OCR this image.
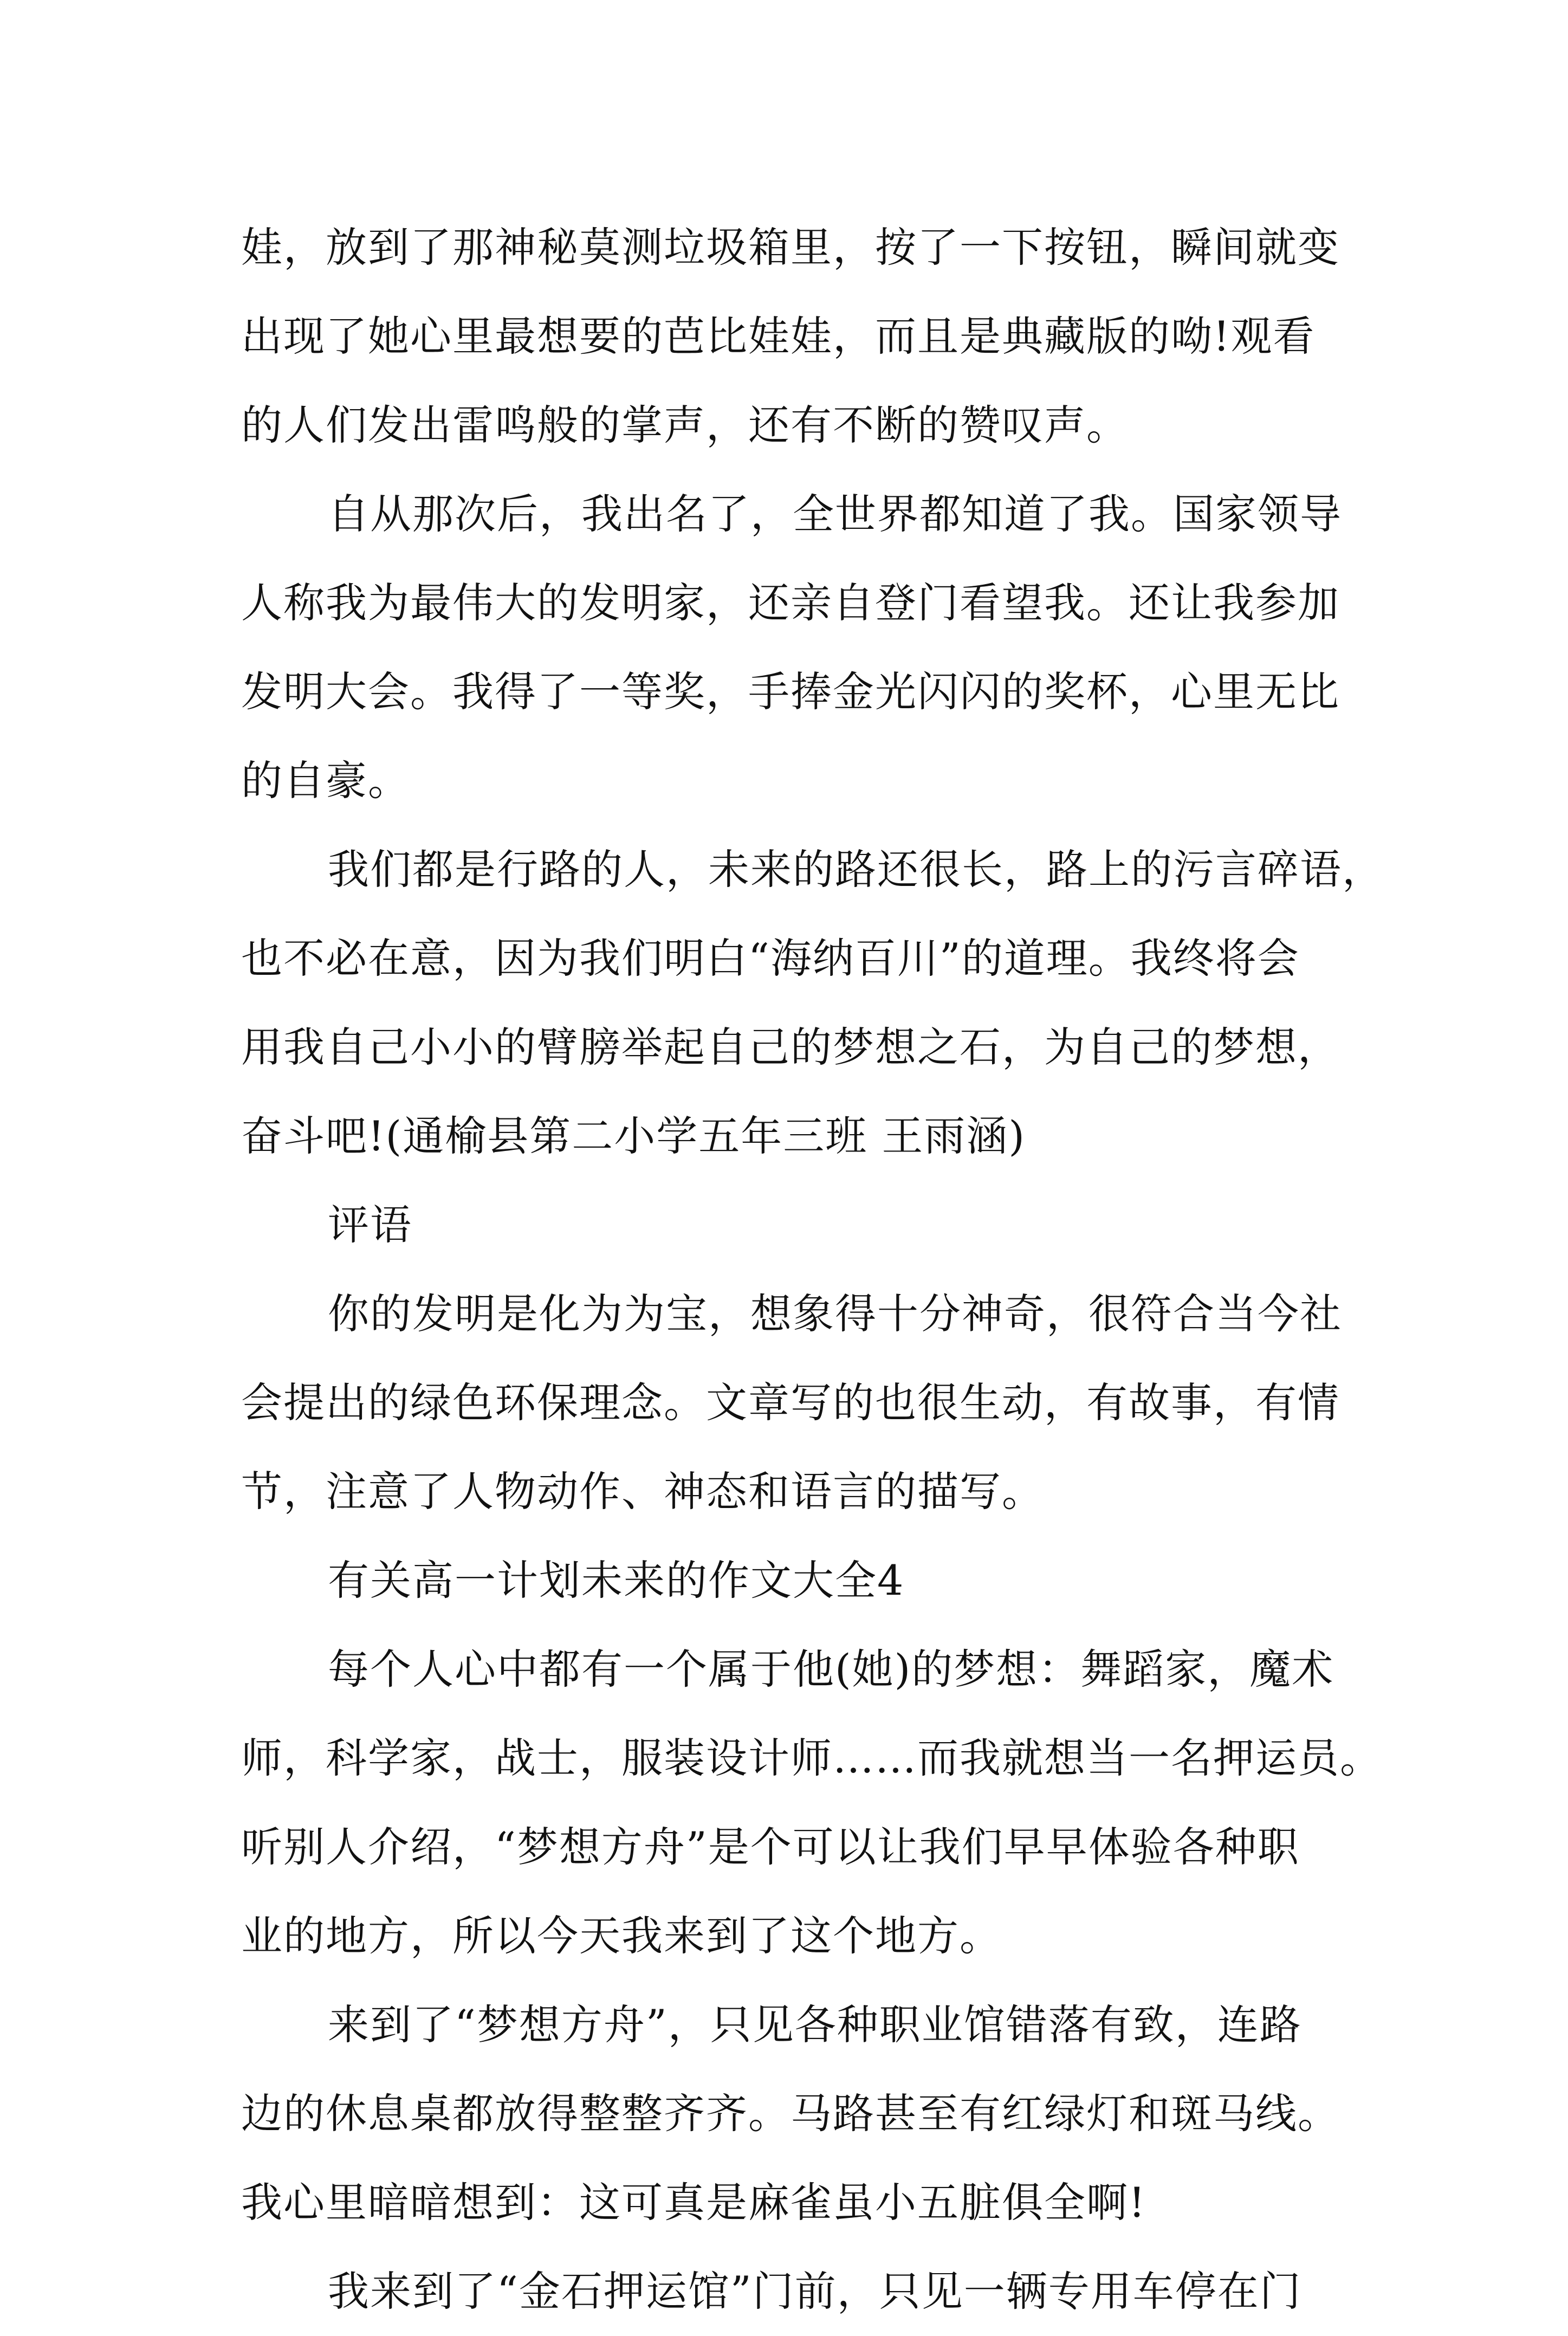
娃，放到了那神秘莫测垃圾箱里，按了一下按钮，瞬间就变
出现了她心里最想要的芭比娃娃，而且是典藏版的呦!观看
的人们发出雷鸣般的掌声，还有不断的赞叹声。
自从那次后，我出名了，全世界都知道了我。国家领导
人称我为最伟大的发明家，还亲自登门看望我。还让我参加
发明大会。我得了一等奖，手捧金光闪闪的奖杯，心里无比
的自豪。
我们都是行路的人，未来的路还很长，路上的污言碎语，
也不必在意，因为我们明白“海纳百川”的道理。我终将会
用我自己小小的臂膀举起自己的梦想之石，为自己的梦想，
奋斗吧!(通榆县第二小学五年三班 王雨涵)
评语
你的发明是化为为宝，想象得十分神奇，很符合当今社
会提出的绿色环保理念。文章写的也很生动，有故事，有情
节，注意了人物动作、神态和语言的描写。
有关高一计划未来的作文大全4
每个人心中都有一个属于他(她)的梦想：舞蹈家，魔术
师，科学家，战士，服装设计师……而我就想当一名押运员。
听别人介绍，“梦想方舟”是个可以让我们早早体验各种职
业的地方，所以今天我来到了这个地方。
来到了“梦想方舟”，只见各种职业馆错落有致，连路
边的休息桌都放得整整齐齐。马路甚至有红绿灯和斑马线。
我心里暗暗想到：这可真是麻雀虽小五脏俱全啊!
我来到了“金石押运馆”门前，只见一辆专用车停在门
